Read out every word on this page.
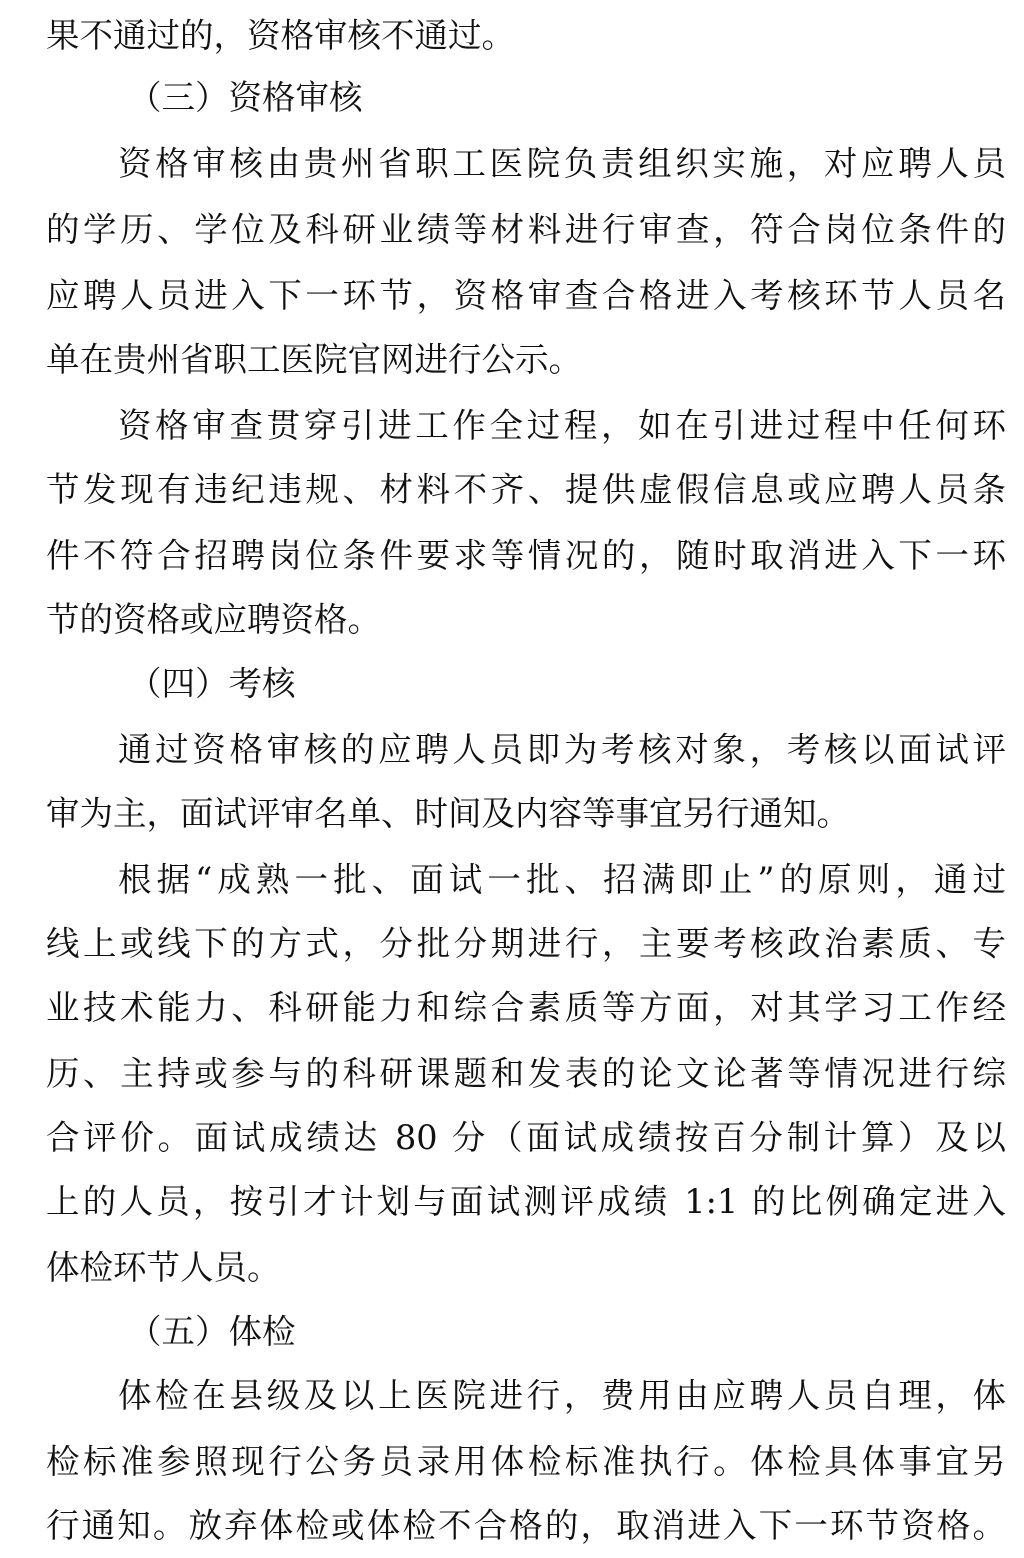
果不通过的，资格审核不通过。
（三）资格审核
资格审核由贵州省职工医院负责组织实施，对应聘人员
的学历、学位及科研业绩等材料进行审查，符合岗位条件的
应聘人员进入下一环节，资格审查合格进入考核环节人员名
单在贵州省职工医院官网进行公示。
资格审查贯穿引进工作全过程，如在引进过程中任何环
节发现有违纪违规、材料不齐、提供虚假信息或应聘人员条
件不符合招聘岗位条件要求等情况的，随时取消进入下一环
节的资格或应聘资格。
（四）考核
通过资格审核的应聘人员即为考核对象，考核以面试评
审为主，面试评审名单、时间及内容等事宜另行通知。
根据“成熟一批、面试一批、招满即止”的原则，通过
线上或线下的方式，分批分期进行，主要考核政治素质、专
业技术能力、科研能力和综合素质等方面，对其学习工作经
历、主持或参与的科研课题和发表的论文论著等情况进行综
合评价。面试成绩达 80 分（面试成绩按百分制计算）及以
上的人员，按引才计划与面试测评成绩 1:1 的比例确定进入
体检环节人员。
（五）体检
体检在县级及以上医院进行，费用由应聘人员自理，体
检标准参照现行公务员录用体检标准执行。体检具体事宜另
行通知。放弃体检或体检不合格的，取消进入下一环节资格。
